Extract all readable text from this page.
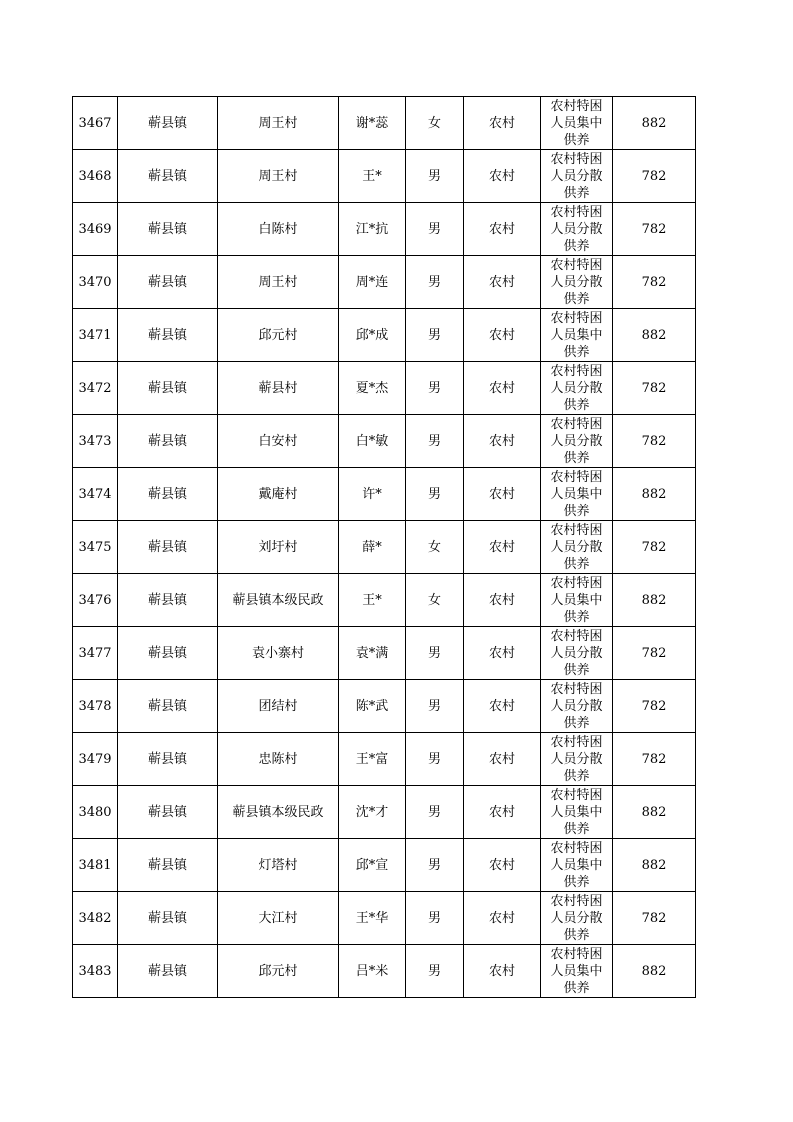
3467	蕲县镇	周王村	谢*蕊	女	农村	农村特困
人员集中
供养	882
3468	蕲县镇	周王村	王*	男	农村	农村特困
人员分散
供养	782
3469	蕲县镇	白陈村	江*抗	男	农村	农村特困
人员分散
供养	782
3470	蕲县镇	周王村	周*连	男	农村	农村特困
人员分散
供养	782
3471	蕲县镇	邱元村	邱*成	男	农村	农村特困
人员集中
供养	882
3472	蕲县镇	蕲县村	夏*杰	男	农村	农村特困
人员分散
供养	782
3473	蕲县镇	白安村	白*敏	男	农村	农村特困
人员分散
供养	782
3474	蕲县镇	戴庵村	许*	男	农村	农村特困
人员集中
供养	882
3475	蕲县镇	刘圩村	薛*	女	农村	农村特困
人员分散
供养	782
3476	蕲县镇	蕲县镇本级民政	王*	女	农村	农村特困
人员集中
供养	882
3477	蕲县镇	袁小寨村	袁*满	男	农村	农村特困
人员分散
供养	782
3478	蕲县镇	团结村	陈*武	男	农村	农村特困
人员分散
供养	782
3479	蕲县镇	忠陈村	王*富	男	农村	农村特困
人员分散
供养	782
3480	蕲县镇	蕲县镇本级民政	沈*才	男	农村	农村特困
人员集中
供养	882
3481	蕲县镇	灯塔村	邱*宣	男	农村	农村特困
人员集中
供养	882
3482	蕲县镇	大江村	王*华	男	农村	农村特困
人员分散
供养	782
3483	蕲县镇	邱元村	吕*米	男	农村	农村特困
人员集中
供养	882
